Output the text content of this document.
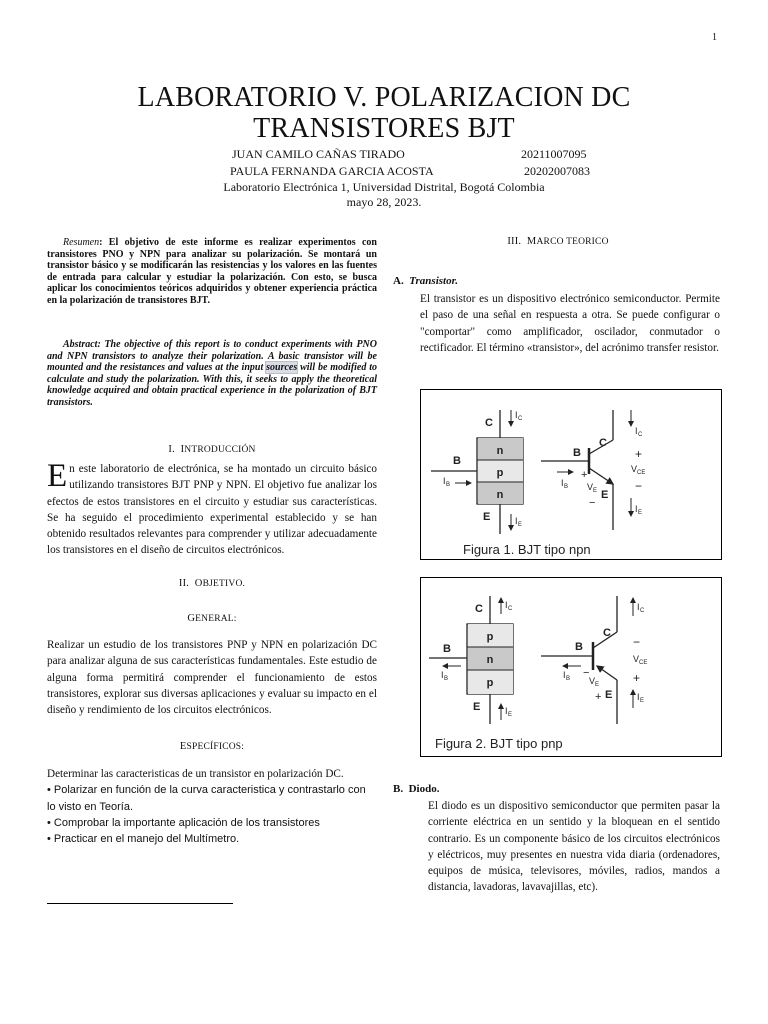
1
LABORATORIO V. POLARIZACION DC
TRANSISTORES BJT
JUAN CAMILO CAÑAS TIRADO	20211007095
PAULA FERNANDA GARCIA ACOSTA	20202007083
Laboratorio Electrónica 1, Universidad Distrital, Bogotá Colombia
mayo 28, 2023.
Resumen: El objetivo de este informe es realizar experimentos con transistores PNO y NPN para analizar su polarización. Se montará un transistor básico y se modificarán las resistencias y los valores en las fuentes de entrada para calcular y estudiar la polarización. Con esto, se busca aplicar los conocimientos teóricos adquiridos y obtener experiencia práctica en la polarización de transistores BJT.
Abstract: The objective of this report is to conduct experiments with PNO and NPN transistors to analyze their polarization. A basic transistor will be mounted and the resistances and values at the input sources will be modified to calculate and study the polarization. With this, it seeks to apply the theoretical knowledge acquired and obtain practical experience in the polarization of BJT transistors.
I. INTRODUCCIÓN
En este laboratorio de electrónica, se ha montado un circuito básico utilizando transistores BJT PNP y NPN. El objetivo fue analizar los efectos de estos transistores en el circuito y estudiar sus características. Se ha seguido el procedimiento experimental establecido y se han obtenido resultados relevantes para comprender y utilizar adecuadamente los transistores en el diseño de circuitos electrónicos.
II. OBJETIVO.
GENERAL:
Realizar un estudio de los transistores PNP y NPN en polarización DC para analizar alguna de sus características fundamentales. Este estudio de alguna forma permitirá comprender el funcionamiento de estos transistores, explorar sus diversas aplicaciones y evaluar su impacto en el diseño y rendimiento de los circuitos electrónicos.
ESPECÍFICOS:
Determinar las caracteristicas de un transistor en polarización DC.
• Polarizar en función de la curva caracteristica y contrastarlo con lo visto en Teoría.
• Comprobar la importante aplicación de los transistores
• Practicar en el manejo del Multímetro.
III. MARCO TEORICO
A. Transistor.
El transistor es un dispositivo electrónico semiconductor. Permite el paso de una señal en respuesta a otra. Se puede configurar o "comportar" como amplificador, oscilador, conmutador o rectificador. El término «transistor», del acrónimo transfer resistor.
n
p
n
C
B
E
I C
I E
I B
C
B
E
I C
I E
I B
+
V CE
−
+
V E
−
Figura 1. BJT tipo npn
p
n
p
C
B
E
I C
I E
I B
C
B
E
I C
I E
I B
−
V CE
+
−
V E
+
Figura 2. BJT tipo pnp
B. Diodo.
El diodo es un dispositivo semiconductor que permiten pasar la corriente eléctrica en un sentido y la bloquean en el sentido contrario. Es un componente básico de los circuitos electrónicos y eléctricos, muy presentes en nuestra vida diaria (ordenadores, equipos de música, televisores, móviles, radios, mandos a distancia, lavadoras, lavavajillas, etc).
